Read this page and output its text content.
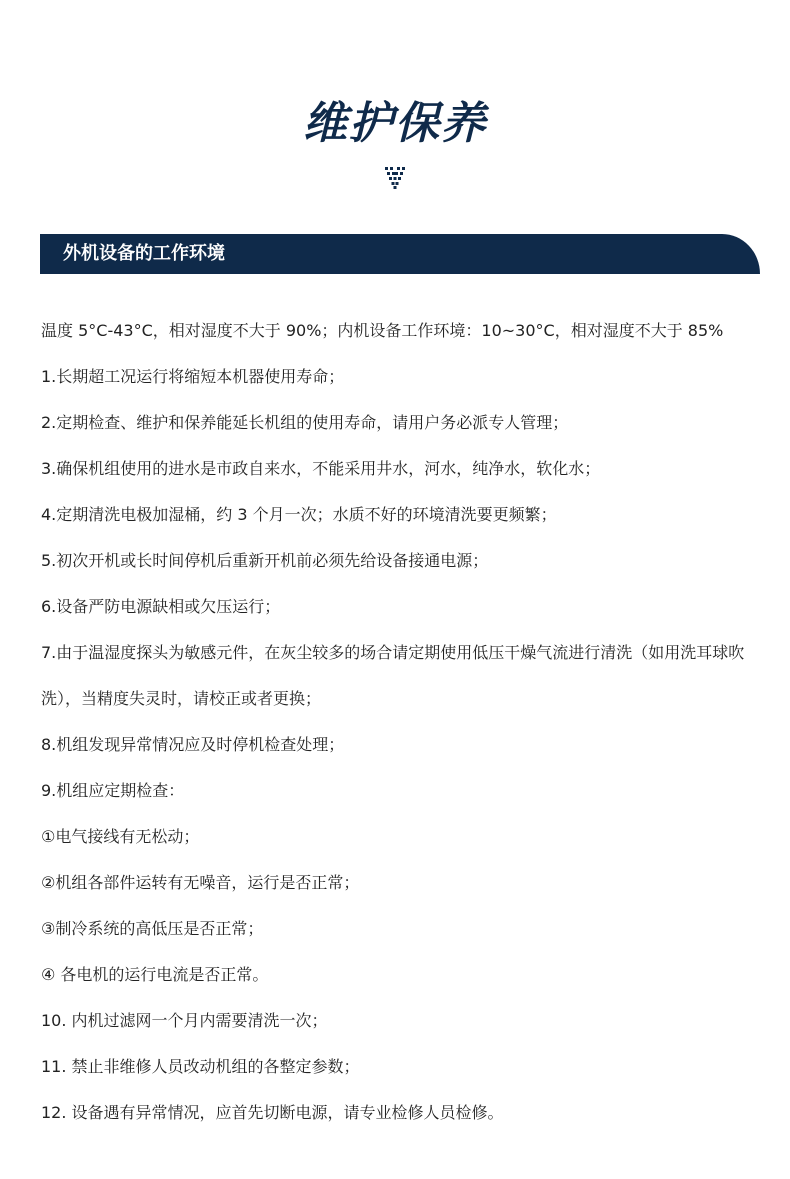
维护保养
外机设备的工作环境

温度 5°C-43°C，相对湿度不大于 90%；内机设备工作环境：10~30°C，相对湿度不大于 85%

1.长期超工况运行将缩短本机器使用寿命；

2.定期检查、维护和保养能延长机组的使用寿命，请用户务必派专人管理；

3.确保机组使用的进水是市政自来水，不能采用井水，河水，纯净水，软化水；

4.定期清洗电极加湿桶，约 3 个月一次；水质不好的环境清洗要更频繁；

5.初次开机或长时间停机后重新开机前必须先给设备接通电源；

6.设备严防电源缺相或欠压运行；

7.由于温湿度探头为敏感元件，在灰尘较多的场合请定期使用低压干燥气流进行清洗（如用洗耳球吹洗），当精度失灵时，请校正或者更换；

8.机组发现异常情况应及时停机检查处理；

9.机组应定期检查：

①电气接线有无松动；

②机组各部件运转有无噪音，运行是否正常；

③制冷系统的高低压是否正常；

④ 各电机的运行电流是否正常。

10. 内机过滤网一个月内需要清洗一次；

11. 禁止非维修人员改动机组的各整定参数；

12. 设备遇有异常情况，应首先切断电源，请专业检修人员检修。
